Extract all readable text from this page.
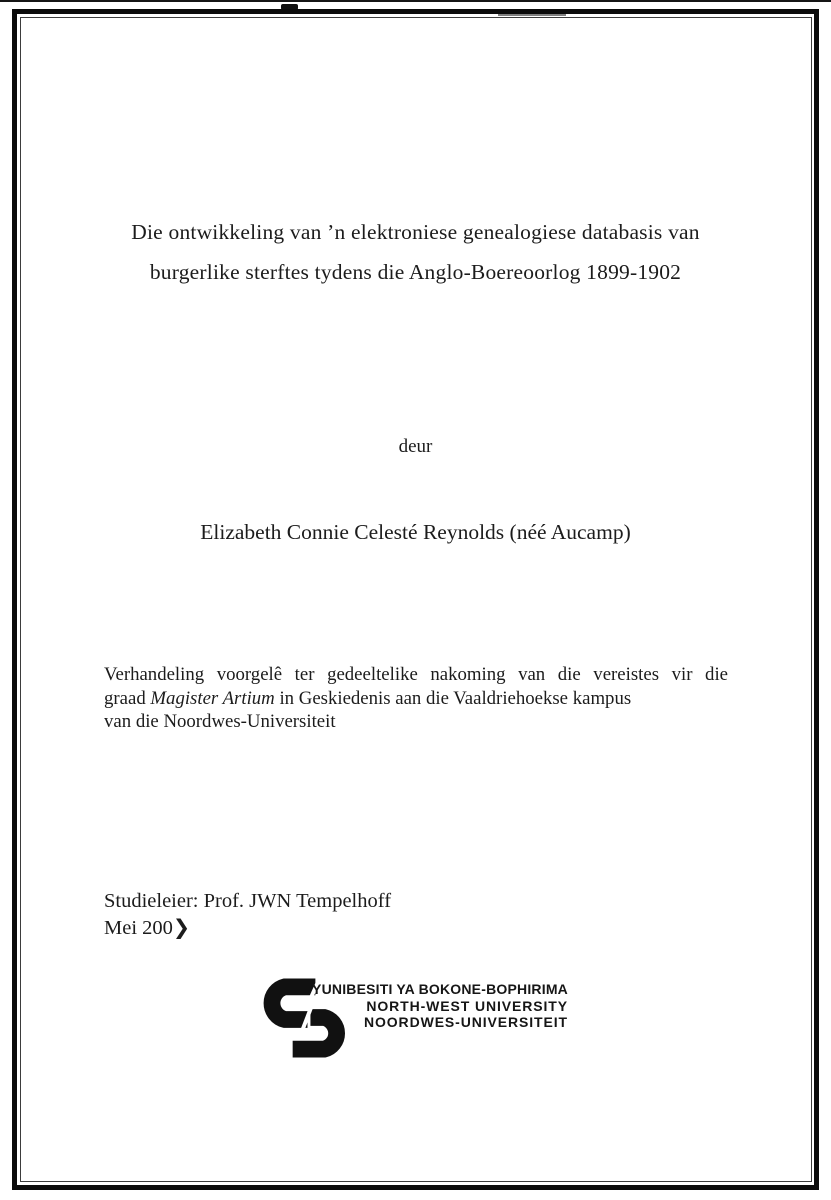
Die ontwikkeling van ’n elektroniese genealogiese databasis van
burgerlike sterftes tydens die Anglo-Boereoorlog 1899-1902
deur
Elizabeth Connie Celesté Reynolds (néé Aucamp)
Verhandeling voorgelê ter gedeeltelike nakoming van die vereistes vir die
graad Magister Artium in Geskiedenis aan die Vaaldriehoekse kampus
van die Noordwes-Universiteit
Studieleier: Prof. JWN Tempelhoff
Mei 200❯
YUNIBESITI YA BOKONE-BOPHIRIMA
NORTH-WEST UNIVERSITY
NOORDWES-UNIVERSITEIT
